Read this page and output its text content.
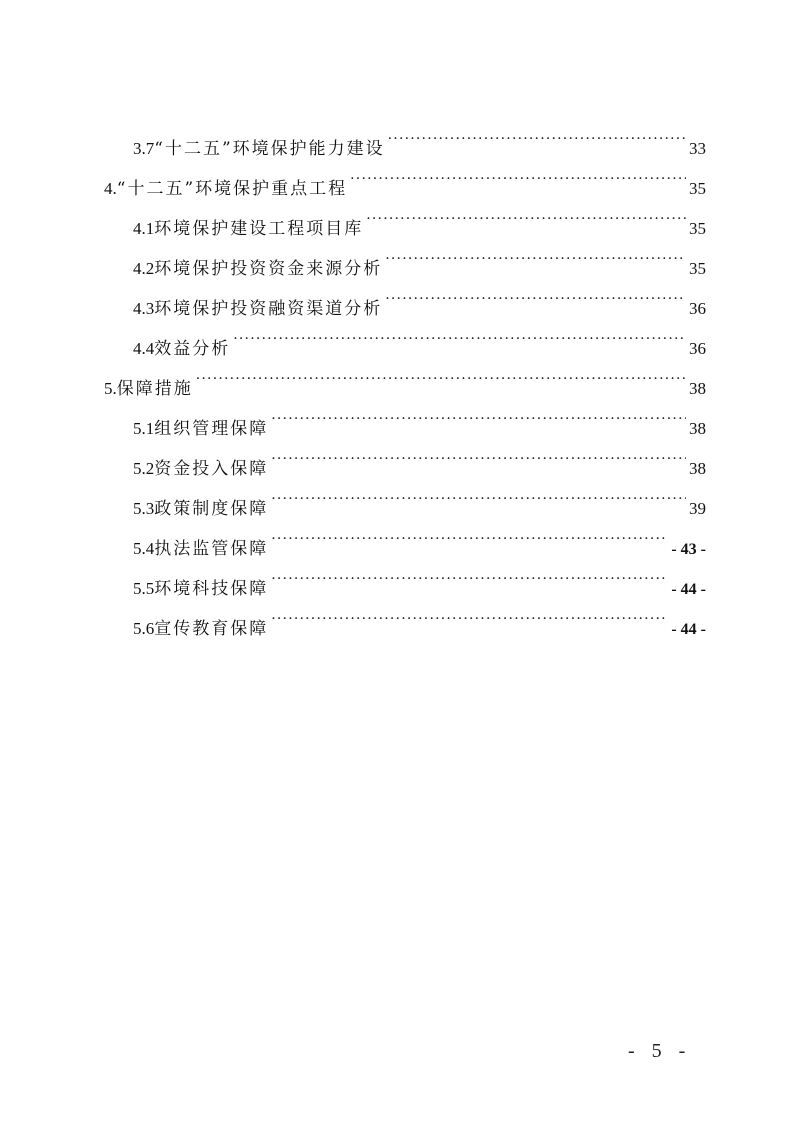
3.7 “十二五”环境保护能力建设 ·····	33
4. “十二五”环境保护重点工程 ·····	35
4.1 环境保护建设工程项目库 ·····	35
4.2 环境保护投资资金来源分析 ·····	35
4.3 环境保护投资融资渠道分析 ·····	36
4.4 效益分析 ·····	36
5. 保障措施 ·····	38
5.1 组织管理保障 ·····	38
5.2 资金投入保障 ·····	38
5.3 政策制度保障 ·····	39
5.4 执法监管保障 ·····	- 43 -
5.5 环境科技保障 ·····	- 44 -
5.6 宣传教育保障 ·····	- 44 -
- 5 -
